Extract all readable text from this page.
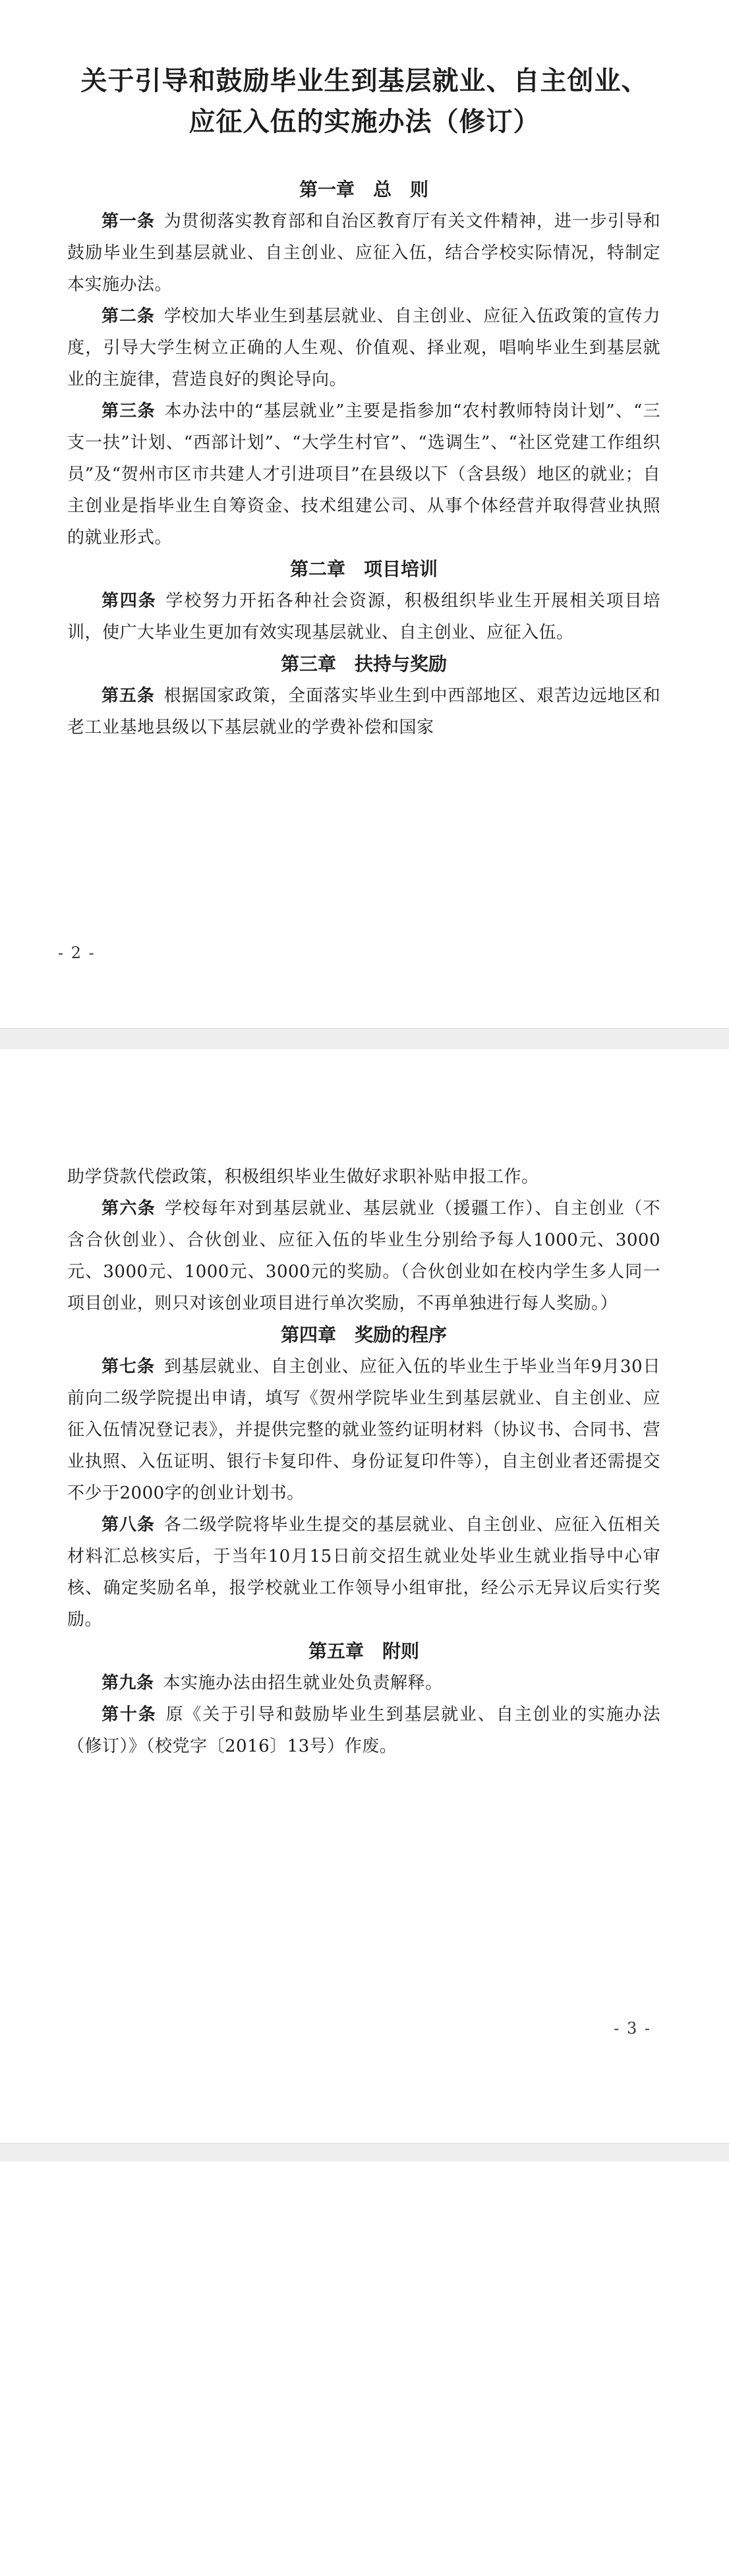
关于引导和鼓励毕业生到基层就业、自主创业、
应征入伍的实施办法（修订）

第一章　总　则

第一条 为贯彻落实教育部和自治区教育厅有关文件精神，进一步引导和鼓励毕业生到基层就业、自主创业、应征入伍，结合学校实际情况，特制定本实施办法。

第二条 学校加大毕业生到基层就业、自主创业、应征入伍政策的宣传力度，引导大学生树立正确的人生观、价值观、择业观，唱响毕业生到基层就业的主旋律，营造良好的舆论导向。

第三条 本办法中的“基层就业”主要是指参加“农村教师特岗计划”、“三支一扶”计划、“西部计划”、“大学生村官”、“选调生”、“社区党建工作组织员”及“贺州市区市共建人才引进项目”在县级以下（含县级）地区的就业；自主创业是指毕业生自筹资金、技术组建公司、从事个体经营并取得营业执照的就业形式。

第二章　项目培训

第四条 学校努力开拓各种社会资源，积极组织毕业生开展相关项目培训，使广大毕业生更加有效实现基层就业、自主创业、应征入伍。

第三章　扶持与奖励

第五条 根据国家政策，全面落实毕业生到中西部地区、艰苦边远地区和老工业基地县级以下基层就业的学费补偿和国家

- 2 -

助学贷款代偿政策，积极组织毕业生做好求职补贴申报工作。

第六条 学校每年对到基层就业、基层就业（援疆工作）、自主创业（不含合伙创业）、合伙创业、应征入伍的毕业生分别给予每人1000元、3000元、3000元、1000元、3000元的奖励。（合伙创业如在校内学生多人同一项目创业，则只对该创业项目进行单次奖励，不再单独进行每人奖励。）

第四章　奖励的程序

第七条 到基层就业、自主创业、应征入伍的毕业生于毕业当年9月30日前向二级学院提出申请，填写《贺州学院毕业生到基层就业、自主创业、应征入伍情况登记表》，并提供完整的就业签约证明材料（协议书、合同书、营业执照、入伍证明、银行卡复印件、身份证复印件等），自主创业者还需提交不少于2000字的创业计划书。

第八条 各二级学院将毕业生提交的基层就业、自主创业、应征入伍相关材料汇总核实后，于当年10月15日前交招生就业处毕业生就业指导中心审核、确定奖励名单，报学校就业工作领导小组审批，经公示无异议后实行奖励。

第五章　附则

第九条 本实施办法由招生就业处负责解释。

第十条 原《关于引导和鼓励毕业生到基层就业、自主创业的实施办法（修订）》（校党字〔2016〕13号）作废。

- 3 -
